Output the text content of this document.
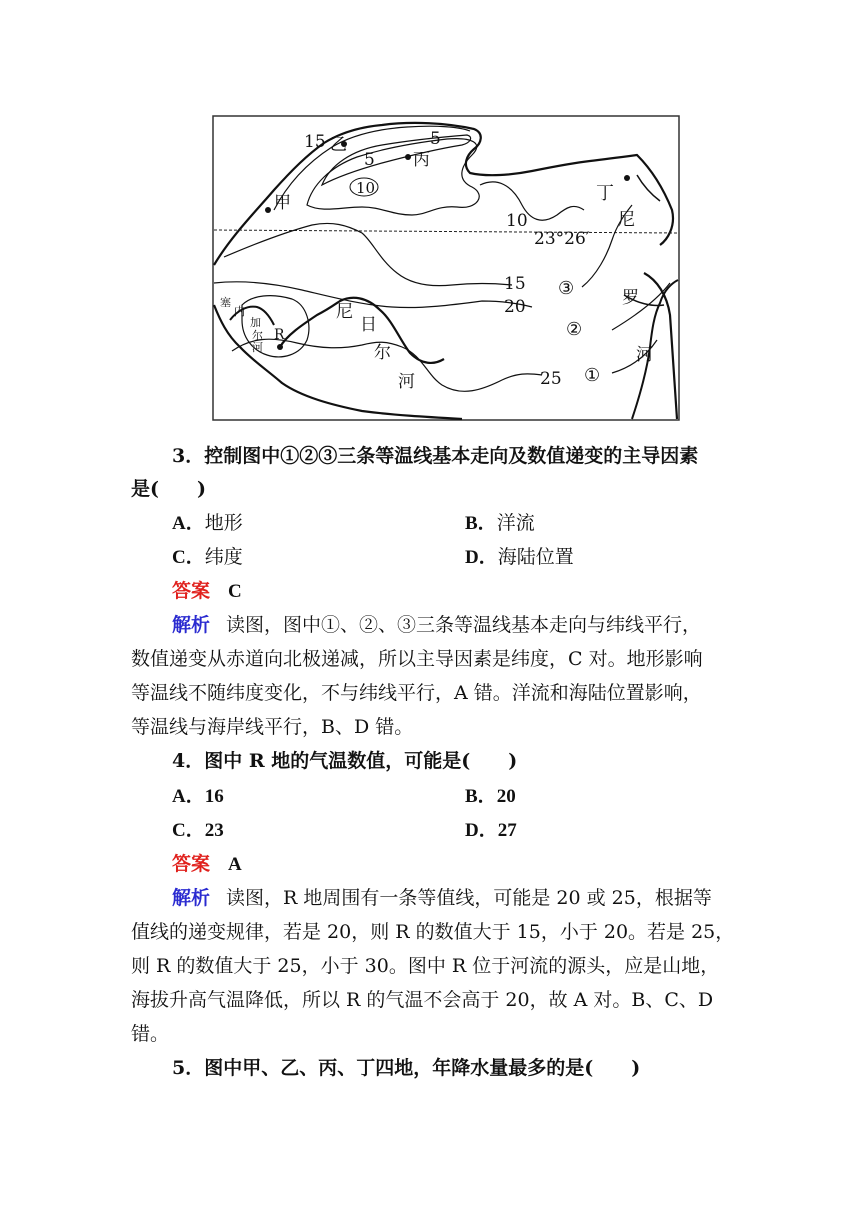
15 乙	5
5 丙
10
甲	丁
10
23°26′
尼
15 ③
20	罗
②
河
25 ①
尼
日
尔
河
塞
内
加
尔
河
R
3．控制图中①②③三条等温线基本走向及数值递变的主导因素
是(　　)
A．地形	B．洋流
C．纬度	D．海陆位置
答案 C
解析 读图，图中①、②、③三条等温线基本走向与纬线平行，
数值递变从赤道向北极递减，所以主导因素是纬度，C 对。地形影响
等温线不随纬度变化，不与纬线平行，A 错。洋流和海陆位置影响，
等温线与海岸线平行，B、D 错。
4．图中 R 地的气温数值，可能是(　　)
A．16	B．20
C．23	D．27
答案 A
解析 读图，R 地周围有一条等值线，可能是 20 或 25，根据等
值线的递变规律，若是 20，则 R 的数值大于 15，小于 20。若是 25，
则 R 的数值大于 25，小于 30。图中 R 位于河流的源头，应是山地，
海拔升高气温降低，所以 R 的气温不会高于 20，故 A 对。B、C、D
错。
5．图中甲、乙、丙、丁四地，年降水量最多的是(　　)
